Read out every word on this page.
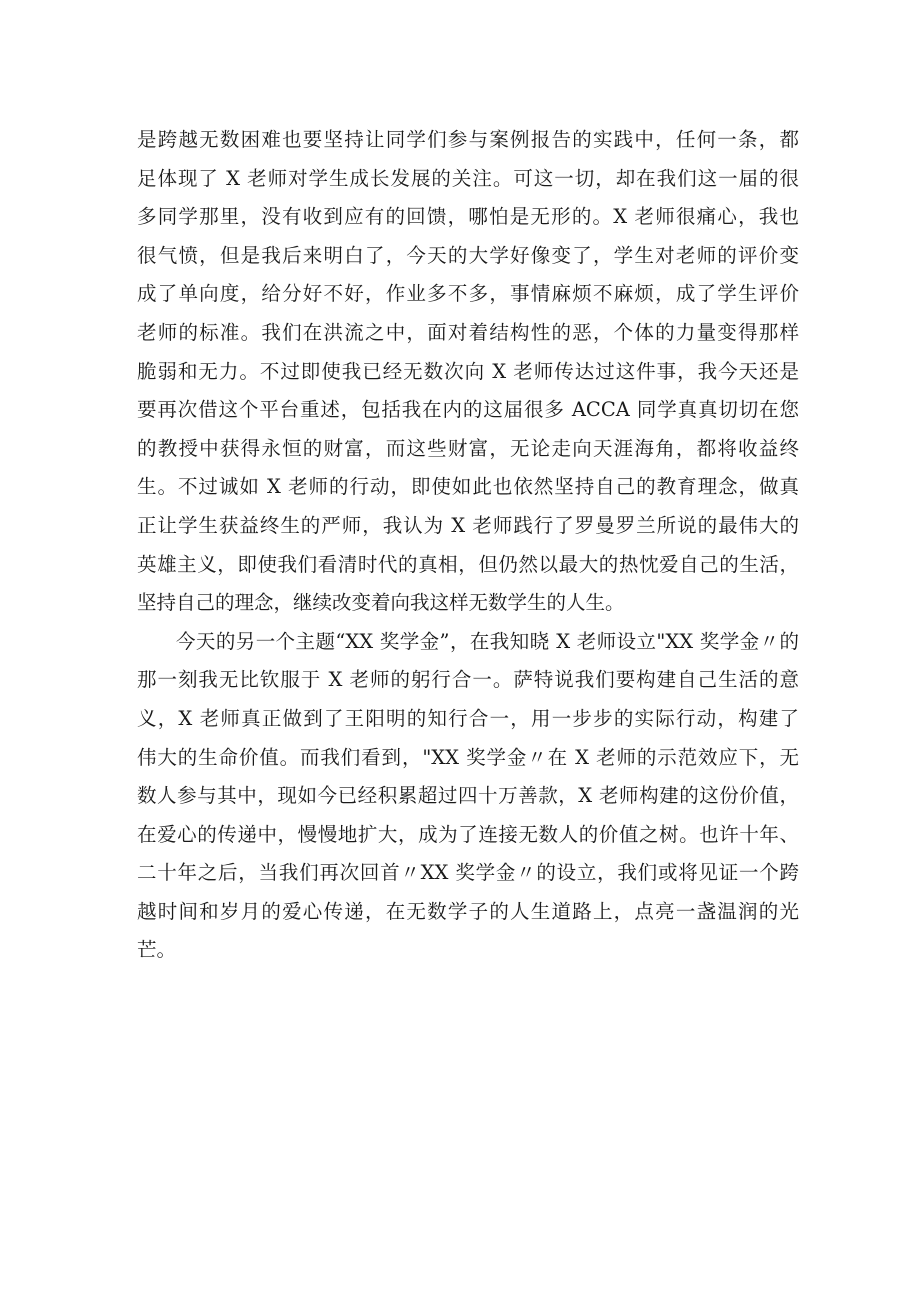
是跨越无数困难也要坚持让同学们参与案例报告的实践中，任何一条，都
足体现了 X 老师对学生成长发展的关注。可这一切，却在我们这一届的很
多同学那里，没有收到应有的回馈，哪怕是无形的。X 老师很痛心，我也
很气愤，但是我后来明白了，今天的大学好像变了，学生对老师的评价变
成了单向度，给分好不好，作业多不多，事情麻烦不麻烦，成了学生评价
老师的标准。我们在洪流之中，面对着结构性的恶，个体的力量变得那样
脆弱和无力。不过即使我已经无数次向 X 老师传达过这件事，我今天还是
要再次借这个平台重述，包括我在内的这届很多 ACCA 同学真真切切在您
的教授中获得永恒的财富，而这些财富，无论走向天涯海角，都将收益终
生。不过诚如 X 老师的行动，即使如此也依然坚持自己的教育理念，做真
正让学生获益终生的严师，我认为 X 老师践行了罗曼罗兰所说的最伟大的
英雄主义，即使我们看清时代的真相，但仍然以最大的热忱爱自己的生活，
坚持自己的理念，继续改变着向我这样无数学生的人生。
今天的另一个主题“XX 奖学金”，在我知晓 X 老师设立"XX 奖学金〃的
那一刻我无比钦服于 X 老师的躬行合一。萨特说我们要构建自己生活的意
义，X 老师真正做到了王阳明的知行合一，用一步步的实际行动，构建了
伟大的生命价值。而我们看到，"XX 奖学金〃在 X 老师的示范效应下，无
数人参与其中，现如今已经积累超过四十万善款，X 老师构建的这份价值，
在爱心的传递中，慢慢地扩大，成为了连接无数人的价值之树。也许十年、
二十年之后，当我们再次回首〃XX 奖学金〃的设立，我们或将见证一个跨
越时间和岁月的爱心传递，在无数学子的人生道路上，点亮一盏温润的光
芒。
